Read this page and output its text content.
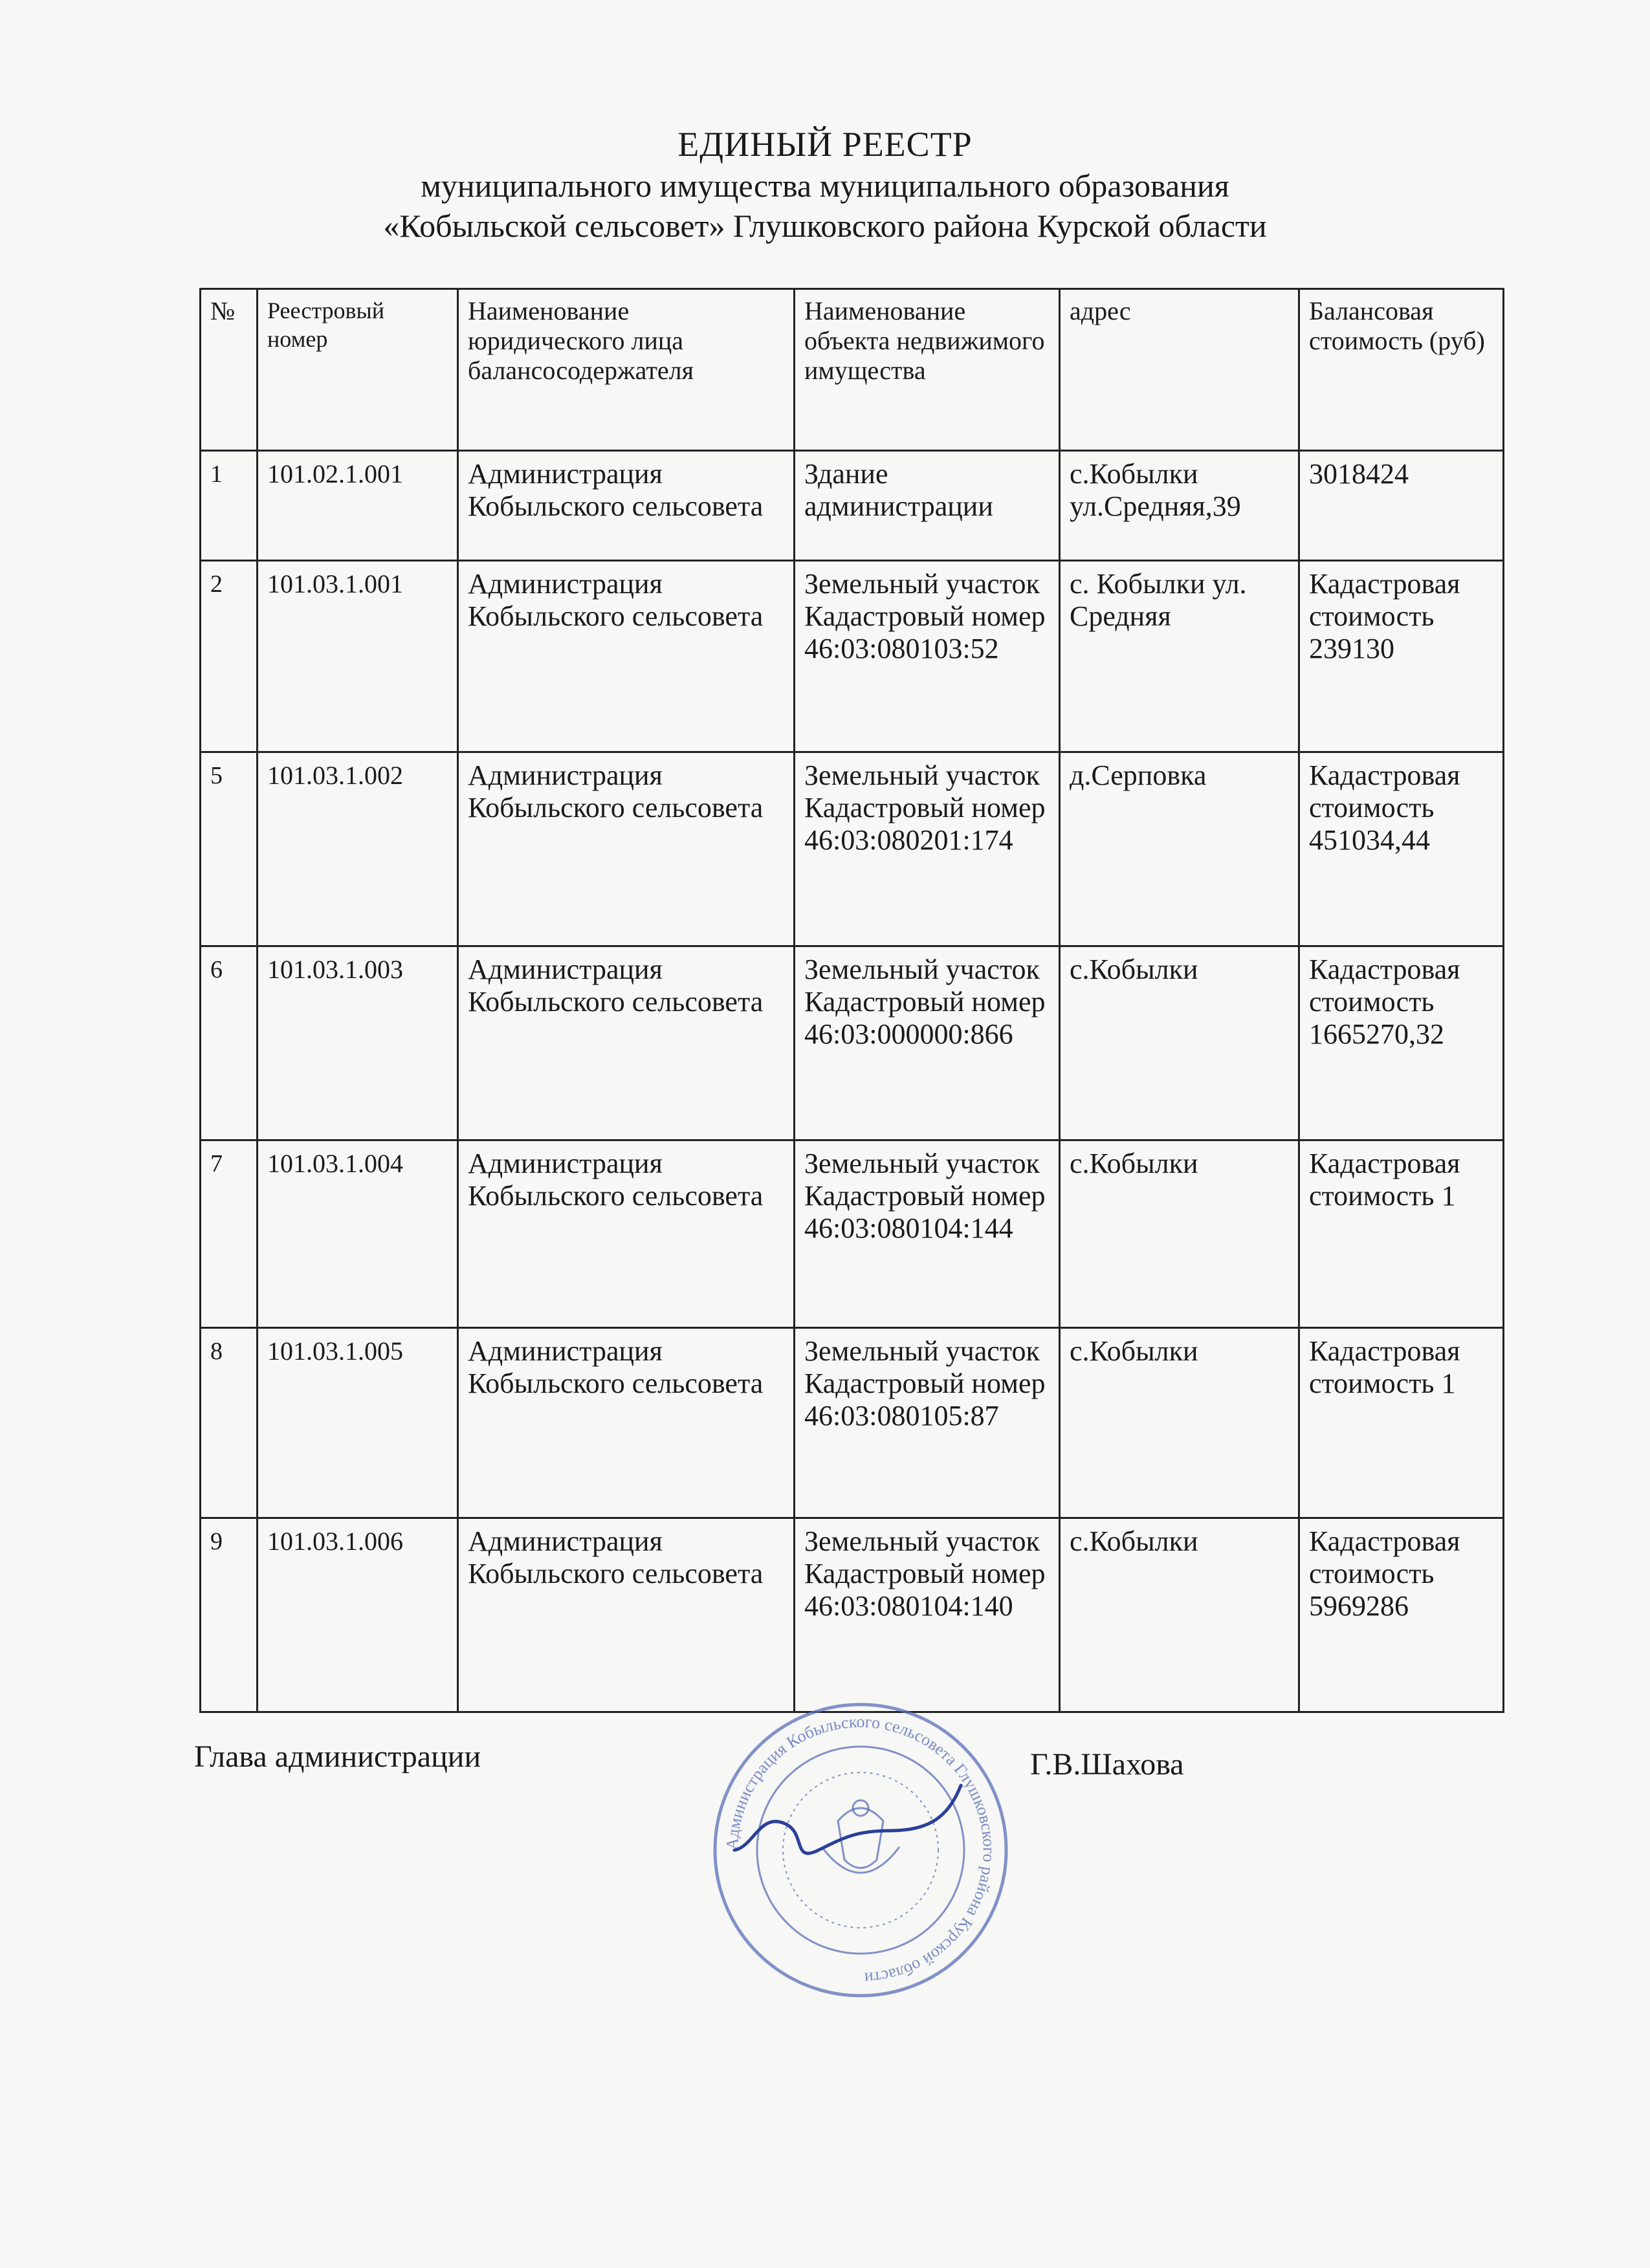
ЕДИНЫЙ РЕЕСТР
муниципального имущества муниципального образования
«Кобыльской сельсовет» Глушковского района Курской области
№	Реестровый номер	Наименование юридического лица балансосодержателя	Наименование объекта недвижимого имущества	адрес	Балансовая стоимость (руб)

1	101.02.1.001	Администрация Кобыльского сельсовета	Здание администрации	с.Кобылки ул.Средняя,39	3018424
2	101.03.1.001	Администрация Кобыльского сельсовета	Земельный участок Кадастровый номер 46:03:080103:52	с. Кобылки ул. Средняя	Кадастровая стоимость 239130
5	101.03.1.002	Администрация Кобыльского сельсовета	Земельный участок Кадастровый номер 46:03:080201:174	д.Серповка	Кадастровая стоимость 451034,44
6	101.03.1.003	Администрация Кобыльского сельсовета	Земельный участок Кадастровый номер 46:03:000000:866	с.Кобылки	Кадастровая стоимость 1665270,32
7	101.03.1.004	Администрация Кобыльского сельсовета	Земельный участок Кадастровый номер 46:03:080104:144	с.Кобылки	Кадастровая стоимость 1
8	101.03.1.005	Администрация Кобыльского сельсовета	Земельный участок Кадастровый номер 46:03:080105:87	с.Кобылки	Кадастровая стоимость 1
9	101.03.1.006	Администрация Кобыльского сельсовета	Земельный участок Кадастровый номер 46:03:080104:140	с.Кобылки	Кадастровая стоимость 5969286
Глава администрации
Администрация Кобыльского сельсовета Глушковского района Курской области
Г.В.Шахова
